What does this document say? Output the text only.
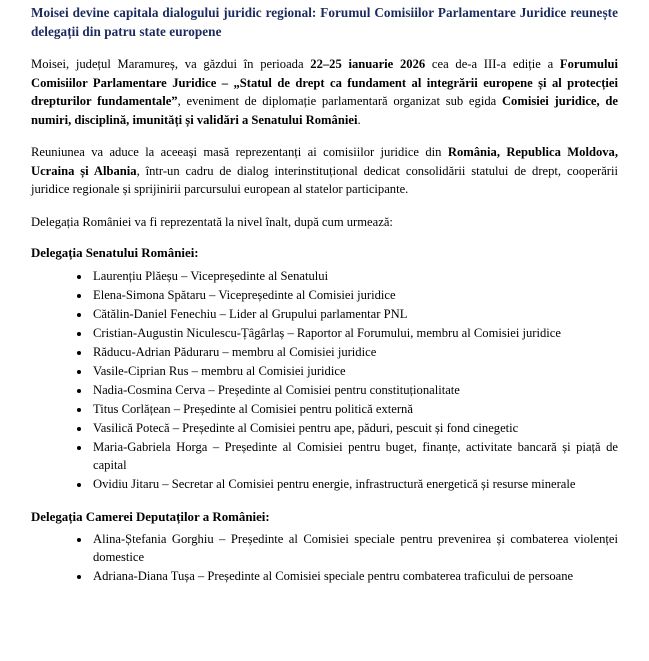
Moisei devine capitala dialogului juridic regional: Forumul Comisiilor Parlamentare Juridice reunește delegații din patru state europene

Moisei, județul Maramureș, va găzdui în perioada 22–25 ianuarie 2026 cea de-a III-a ediție a Forumului Comisiilor Parlamentare Juridice – „Statul de drept ca fundament al integrării europene și al protecției drepturilor fundamentale”, eveniment de diplomație parlamentară organizat sub egida Comisiei juridice, de numiri, disciplină, imunități și validări a Senatului României.

Reuniunea va aduce la aceeași masă reprezentanți ai comisiilor juridice din România, Republica Moldova, Ucraina și Albania, într-un cadru de dialog interinstituțional dedicat consolidării statului de drept, cooperării juridice regionale și sprijinirii parcursului european al statelor participante.

Delegația României va fi reprezentată la nivel înalt, după cum urmează:

Delegația Senatului României:
• Laurențiu Plăeșu – Vicepreședinte al Senatului
• Elena-Simona Spătaru – Vicepreședinte al Comisiei juridice
• Cătălin-Daniel Fenechiu – Lider al Grupului parlamentar PNL
• Cristian-Augustin Niculescu-Țâgârlaș – Raportor al Forumului, membru al Comisiei juridice
• Răducu-Adrian Păduraru – membru al Comisiei juridice
• Vasile-Ciprian Rus – membru al Comisiei juridice
• Nadia-Cosmina Cerva – Președinte al Comisiei pentru constituționalitate
• Titus Corlățean – Președinte al Comisiei pentru politică externă
• Vasilică Potecă – Președinte al Comisiei pentru ape, păduri, pescuit și fond cinegetic
• Maria-Gabriela Horga – Președinte al Comisiei pentru buget, finanțe, activitate bancară și piață de capital
• Ovidiu Jitaru – Secretar al Comisiei pentru energie, infrastructură energetică și resurse minerale
Delegația Camerei Deputaților a României:
• Alina-Ștefania Gorghiu – Președinte al Comisiei speciale pentru prevenirea și combaterea violenței domestice
• Adriana-Diana Tușa – Președinte al Comisiei speciale pentru combaterea traficului de persoane
